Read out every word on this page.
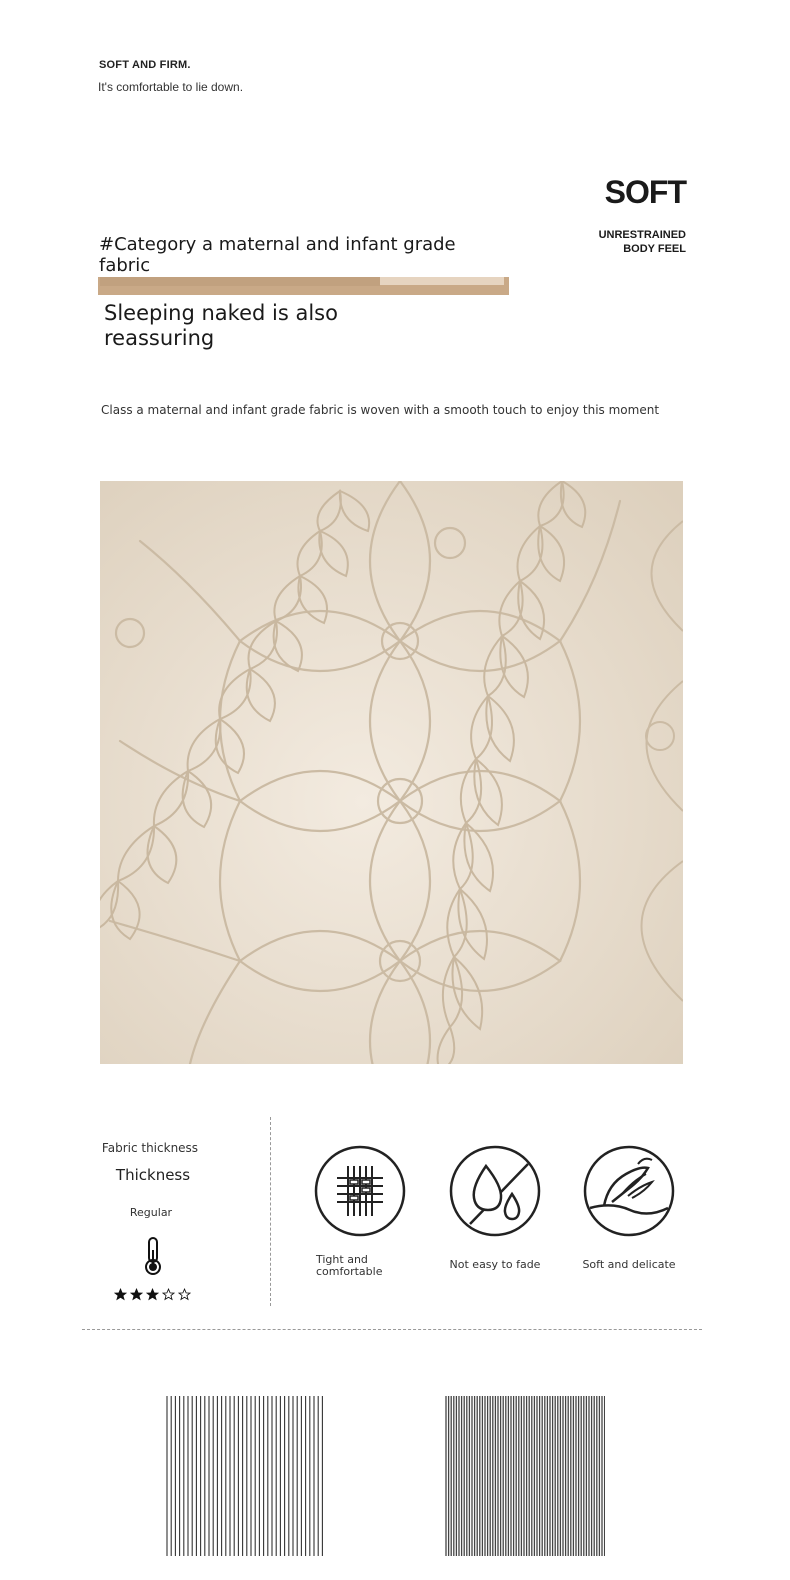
SOFT AND FIRM.
It's comfortable to lie down.
SOFT
UNRESTRAINED
BODY FEEL
#Category a maternal and infant grade fabric
Sleeping naked is also reassuring
Class a maternal and infant grade fabric is woven with a smooth touch to enjoy this moment
Fabric thickness
Thickness
Regular
Tight and
comfortable
Not easy to fade	Soft and delicate
